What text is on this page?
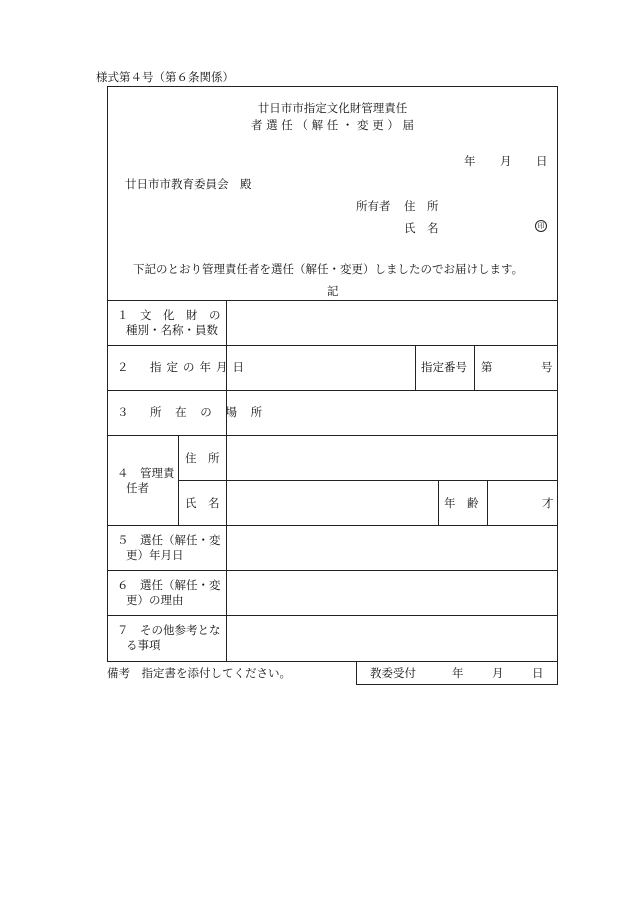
様式第４号（第６条関係）
廿日市市指定文化財管理責任
者 選 任 （ 解 任 ・ 変 更 ） 届
年 月 日
廿日市市教育委員会　殿
所有者 住　所
氏　名	印
下記のとおり管理責任者を選任（解任・変更）しましたのでお届けします。
記
１　文　化　財　の
種別・名称・員数
２　指定の年月日	指定番号 第	号
３　所 在 の 場 所
４　管理責
任者
住　所
氏　名	年　齢	才
５　選任（解任・変
更）年月日
６　選任（解任・変
更）の理由
７　その他参考とな
る事項
備考　指定書を添付してください。	教委受付	年 月 日
